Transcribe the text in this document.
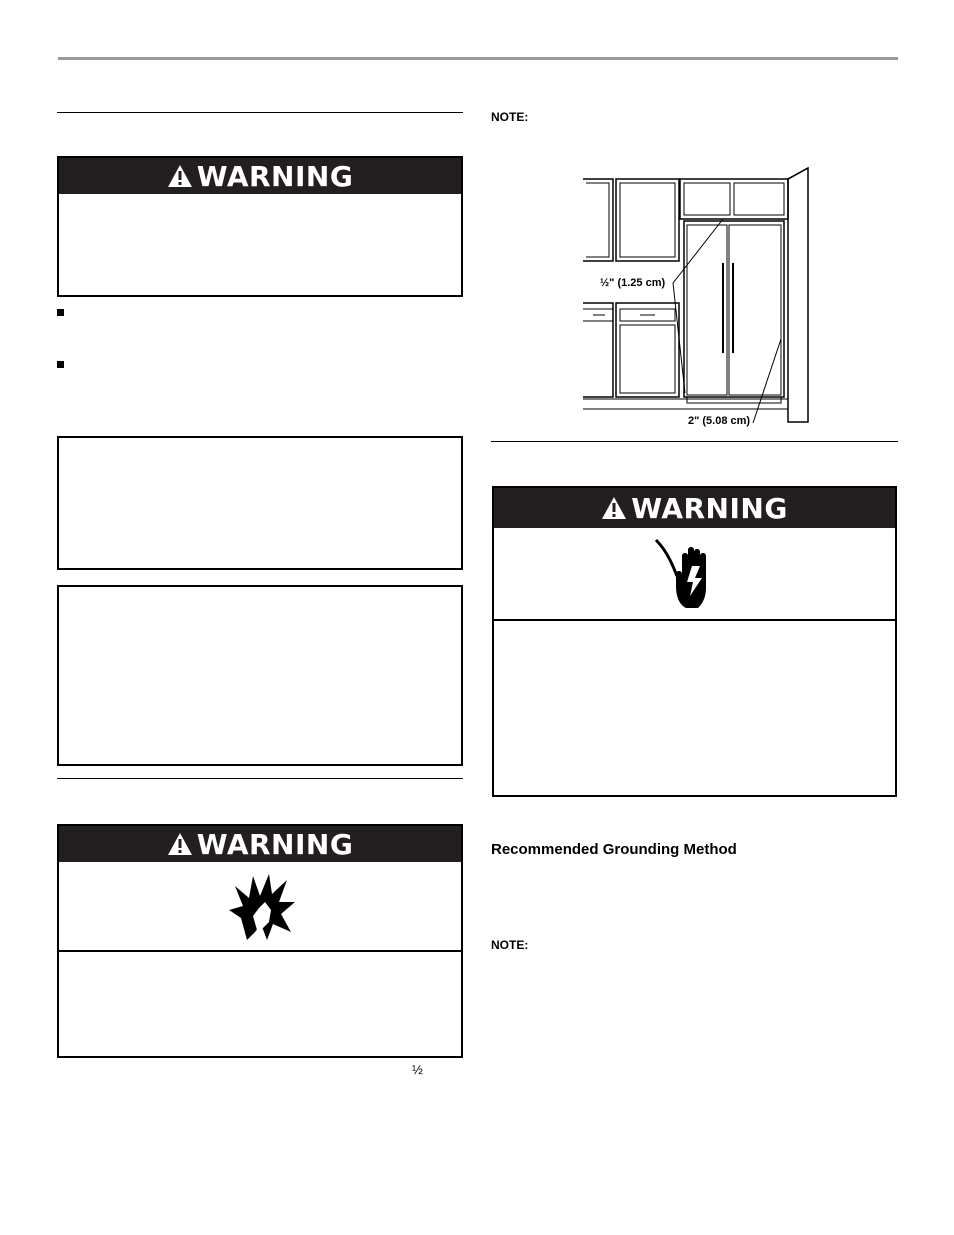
WARNING
WARNING
½
NOTE:
½" (1.25 cm)
2" (5.08 cm)
WARNING
Recommended Grounding Method
NOTE:
